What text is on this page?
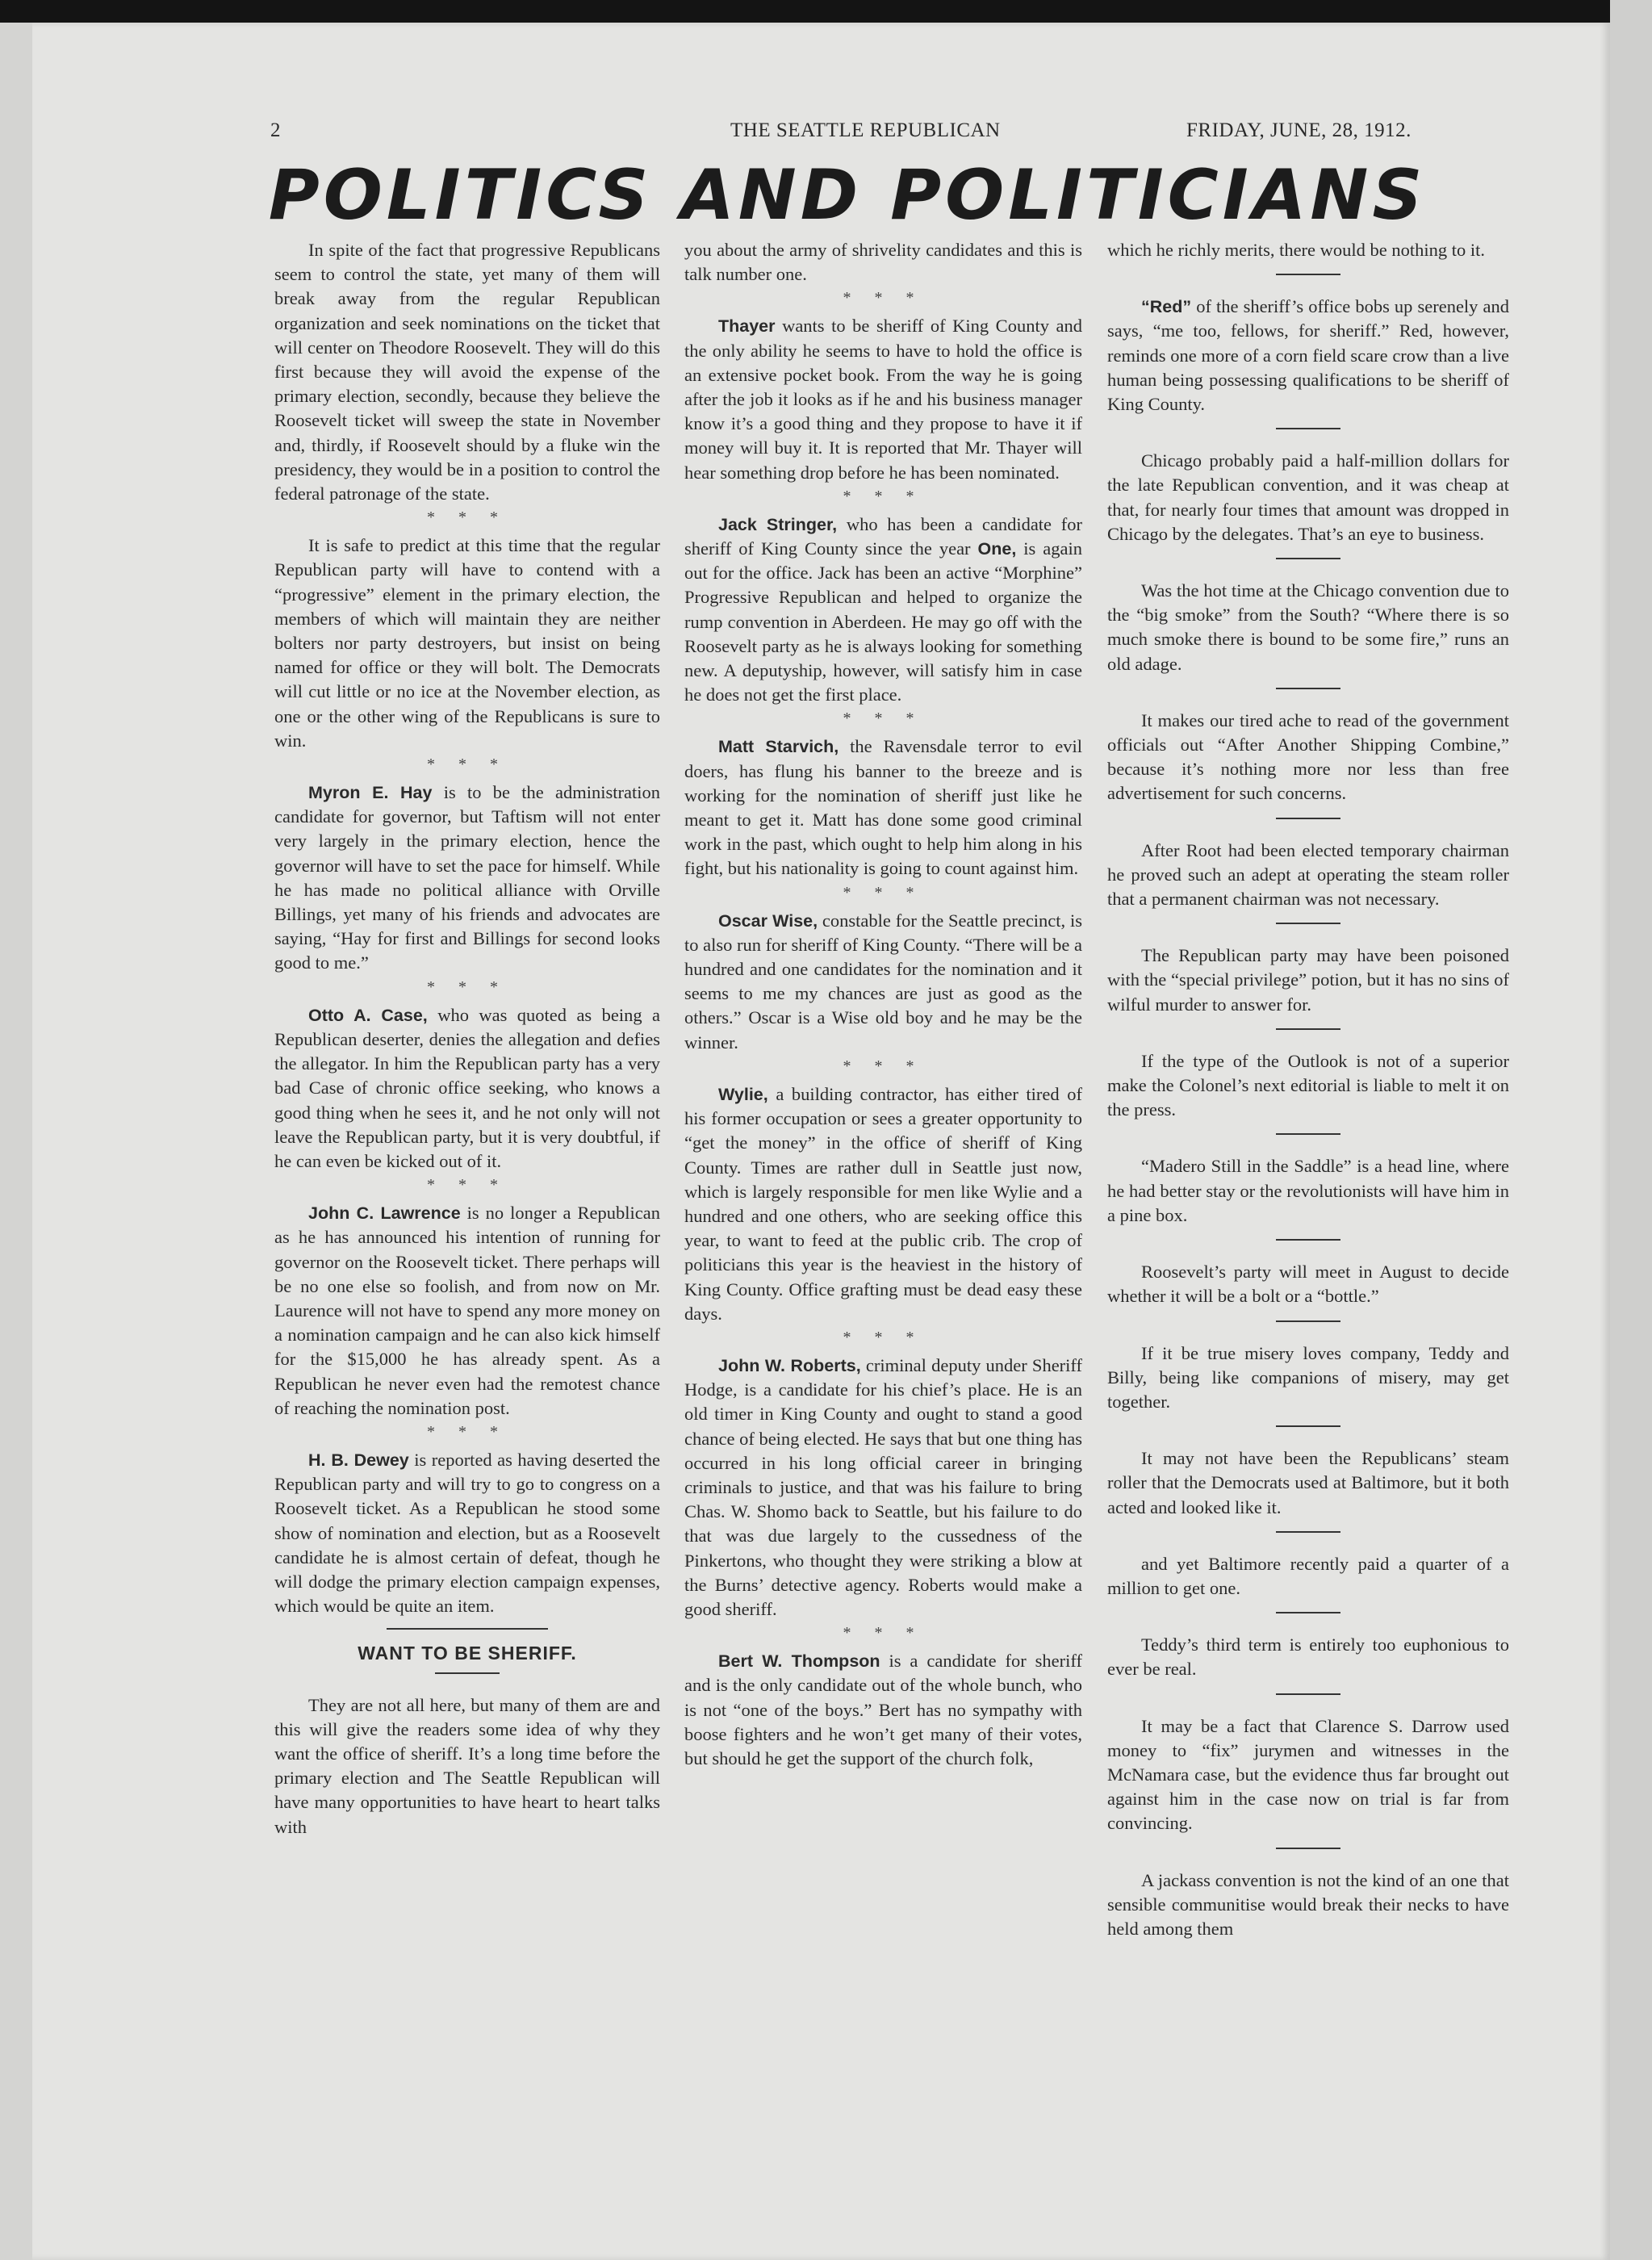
2	THE SEATTLE REPUBLICAN	FRIDAY, JUNE, 28, 1912.
POLITICS AND POLITICIANS

In spite of the fact that progressive Republicans seem to control the state, yet many of them will break away from the regular Republican organization and seek nominations on the ticket that will center on Theodore Roosevelt. They will do this first because they will avoid the expense of the primary election, secondly, because they believe the Roosevelt ticket will sweep the state in November and, thirdly, if Roosevelt should by a fluke win the presidency, they would be in a position to control the federal patronage of the state.

* * *

It is safe to predict at this time that the regular Republican party will have to contend with a “progressive” element in the primary election, the members of which will maintain they are neither bolters nor party destroyers, but insist on being named for office or they will bolt. The Democrats will cut little or no ice at the November election, as one or the other wing of the Republicans is sure to win.

* * *

Myron E. Hay is to be the administration candidate for governor, but Taftism will not enter very largely in the primary election, hence the governor will have to set the pace for himself. While he has made no political alliance with Orville Billings, yet many of his friends and advocates are saying, “Hay for first and Billings for second looks good to me.”

* * *

Otto A. Case, who was quoted as being a Republican deserter, denies the allegation and defies the allegator. In him the Republican party has a very bad Case of chronic office seeking, who knows a good thing when he sees it, and he not only will not leave the Republican party, but it is very doubtful, if he can even be kicked out of it.

* * *

John C. Lawrence is no longer a Republican as he has announced his intention of running for governor on the Roosevelt ticket. There perhaps will be no one else so foolish, and from now on Mr. Laurence will not have to spend any more money on a nomination campaign and he can also kick himself for the $15,000 he has already spent. As a Republican he never even had the remotest chance of reaching the nomination post.

* * *

H. B. Dewey is reported as having deserted the Republican party and will try to go to congress on a Roosevelt ticket. As a Republican he stood some show of nomination and election, but as a Roosevelt candidate he is almost certain of defeat, though he will dodge the primary election campaign expenses, which would be quite an item.

WANT TO BE SHERIFF.

They are not all here, but many of them are and this will give the readers some idea of why they want the office of sheriff. It’s a long time before the primary election and The Seattle Republican will have many opportunities to have heart to heart talks with

you about the army of shrivelity candidates and this is talk number one.

* * *

Thayer wants to be sheriff of King County and the only ability he seems to have to hold the office is an extensive pocket book. From the way he is going after the job it looks as if he and his business manager know it’s a good thing and they propose to have it if money will buy it. It is reported that Mr. Thayer will hear something drop before he has been nominated.

* * *

Jack Stringer, who has been a candidate for sheriff of King County since the year One, is again out for the office. Jack has been an active “Morphine” Progressive Republican and helped to organize the rump convention in Aberdeen. He may go off with the Roosevelt party as he is always looking for something new. A deputyship, however, will satisfy him in case he does not get the first place.

* * *

Matt Starvich, the Ravensdale terror to evil doers, has flung his banner to the breeze and is working for the nomination of sheriff just like he meant to get it. Matt has done some good criminal work in the past, which ought to help him along in his fight, but his nationality is going to count against him.

* * *

Oscar Wise, constable for the Seattle precinct, is to also run for sheriff of King County. “There will be a hundred and one candidates for the nomination and it seems to me my chances are just as good as the others.” Oscar is a Wise old boy and he may be the winner.

* * *

Wylie, a building contractor, has either tired of his former occupation or sees a greater opportunity to “get the money” in the office of sheriff of King County. Times are rather dull in Seattle just now, which is largely responsible for men like Wylie and a hundred and one others, who are seeking office this year, to want to feed at the public crib. The crop of politicians this year is the heaviest in the history of King County. Office grafting must be dead easy these days.

* * *

John W. Roberts, criminal deputy under Sheriff Hodge, is a candidate for his chief’s place. He is an old timer in King County and ought to stand a good chance of being elected. He says that but one thing has occurred in his long official career in bringing criminals to justice, and that was his failure to bring Chas. W. Shomo back to Seattle, but his failure to do that was due largely to the cussedness of the Pinkertons, who thought they were striking a blow at the Burns’ detective agency. Roberts would make a good sheriff.

* * *

Bert W. Thompson is a candidate for sheriff and is the only candidate out of the whole bunch, who is not “one of the boys.” Bert has no sympathy with boose fighters and he won’t get many of their votes, but should he get the support of the church folk,

which he richly merits, there would be nothing to it.

“Red” of the sheriff’s office bobs up serenely and says, “me too, fellows, for sheriff.” Red, however, reminds one more of a corn field scare crow than a live human being possessing qualifications to be sheriff of King County.

Chicago probably paid a half-million dollars for the late Republican convention, and it was cheap at that, for nearly four times that amount was dropped in Chicago by the delegates. That’s an eye to business.

Was the hot time at the Chicago convention due to the “big smoke” from the South? “Where there is so much smoke there is bound to be some fire,” runs an old adage.

It makes our tired ache to read of the government officials out “After Another Shipping Combine,” because it’s nothing more nor less than free advertisement for such concerns.

After Root had been elected temporary chairman he proved such an adept at operating the steam roller that a permanent chairman was not necessary.

The Republican party may have been poisoned with the “special privilege” potion, but it has no sins of wilful murder to answer for.

If the type of the Outlook is not of a superior make the Colonel’s next editorial is liable to melt it on the press.

“Madero Still in the Saddle” is a head line, where he had better stay or the revolutionists will have him in a pine box.

Roosevelt’s party will meet in August to decide whether it will be a bolt or a “bottle.”

If it be true misery loves company, Teddy and Billy, being like companions of misery, may get together.

It may not have been the Republicans’ steam roller that the Democrats used at Baltimore, but it both acted and looked like it.

and yet Baltimore recently paid a quarter of a million to get one.

Teddy’s third term is entirely too euphonious to ever be real.

It may be a fact that Clarence S. Darrow used money to “fix” jurymen and witnesses in the McNamara case, but the evidence thus far brought out against him in the case now on trial is far from convincing.

A jackass convention is not the kind of an one that sensible communitise would break their necks to have held among them
